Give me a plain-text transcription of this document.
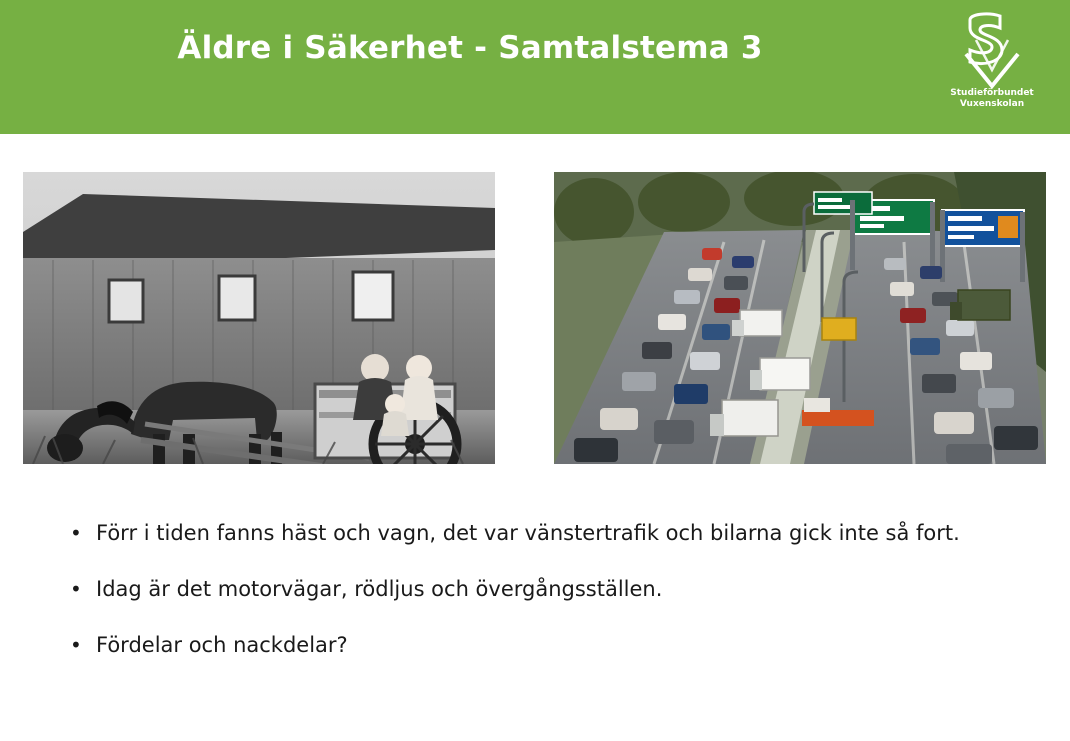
Äldre i Säkerhet - Samtalstema 3
Studieförbundet
Vuxenskolan
• Förr i tiden fanns häst och vagn, det var vänstertrafik och bilarna gick inte så fort.
• Idag är det motorvägar, rödljus och övergångsställen.
• Fördelar och nackdelar?
